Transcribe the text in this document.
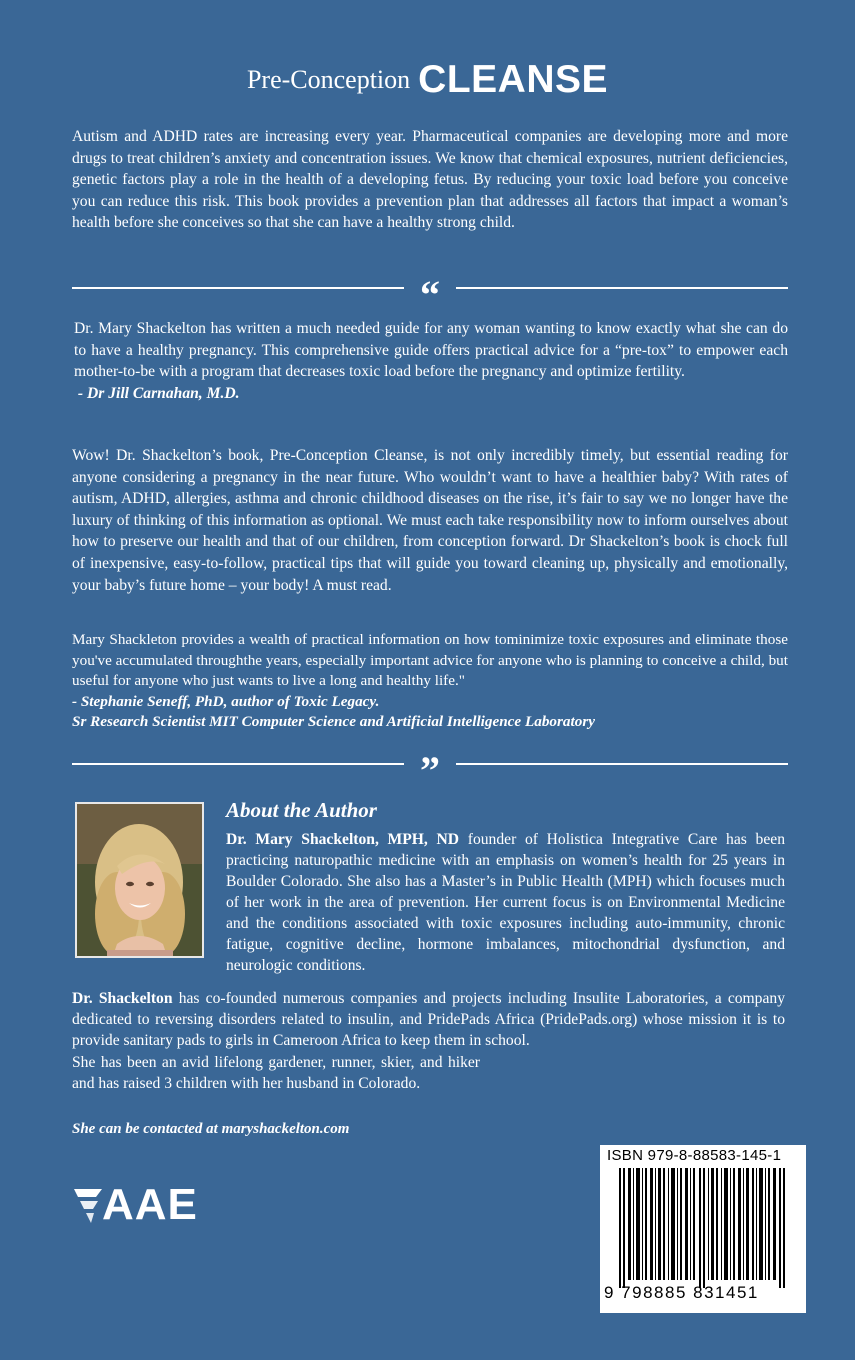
Pre-Conception CLEANSE

Autism and ADHD rates are increasing every year. Pharmaceutical companies are developing more and more drugs to treat children’s anxiety and concentration issues. We know that chemical exposures, nutrient deficiencies, genetic factors play a role in the health of a developing fetus. By reducing your toxic load before you conceive you can reduce this risk. This book provides a prevention plan that addresses all factors that impact a woman’s health before she conceives so that she can have a healthy strong child.

“

Dr. Mary Shackelton has written a much needed guide for any woman wanting to know exactly what she can do to have a healthy pregnancy. This comprehensive guide offers practical advice for a “pre-tox” to empower each mother-to-be with a program that decreases toxic load before the pregnancy and optimize fertility.

- Dr Jill Carnahan, M.D.

Wow! Dr. Shackelton’s book, Pre-Conception Cleanse, is not only incredibly timely, but essential reading for anyone considering a pregnancy in the near future. Who wouldn’t want to have a healthier baby? With rates of autism, ADHD, allergies, asthma and chronic childhood diseases on the rise, it’s fair to say we no longer have the luxury of thinking of this information as optional. We must each take responsibility now to inform ourselves about how to preserve our health and that of our children, from conception forward. Dr Shackelton’s book is chock full of inexpensive, easy-to-follow, practical tips that will guide you toward cleaning up, physically and emotionally, your baby’s future home – your body! A must read.

Mary Shackleton provides a wealth of practical information on how tominimize toxic exposures and eliminate those you've accumulated throughthe years, especially important advice for anyone who is planning to conceive a child, but useful for anyone who just wants to live a long and healthy life."

- Stephanie Seneff, PhD, author of Toxic Legacy.
Sr Research Scientist MIT Computer Science and Artificial Intelligence Laboratory
”
About the Author
Dr. Mary Shackelton, MPH, ND founder of Holistica Integrative Care has been practicing naturopathic medicine with an emphasis on women’s health for 25 years in Boulder Colorado. She also has a Master’s in Public Health (MPH) which focuses much of her work in the area of prevention. Her current focus is on Environmental Medicine and the conditions associated with toxic exposures including auto-immunity, chronic fatigue, cognitive decline, hormone imbalances, mitochondrial dysfunction, and neurologic conditions.
Dr. Shackelton has co-founded numerous companies and projects including Insulite Laboratories, a company dedicated to reversing disorders related to insulin, and PridePads Africa (PridePads.org) whose mission it is to provide sanitary pads to girls in Cameroon Africa to keep them in school.
She has been an avid lifelong gardener, runner, skier, and hiker and has raised 3 children with her husband in Colorado.
She can be contacted at maryshackelton.com
AAE
ISBN 979-8-88583-145-1
9 798885 831451
